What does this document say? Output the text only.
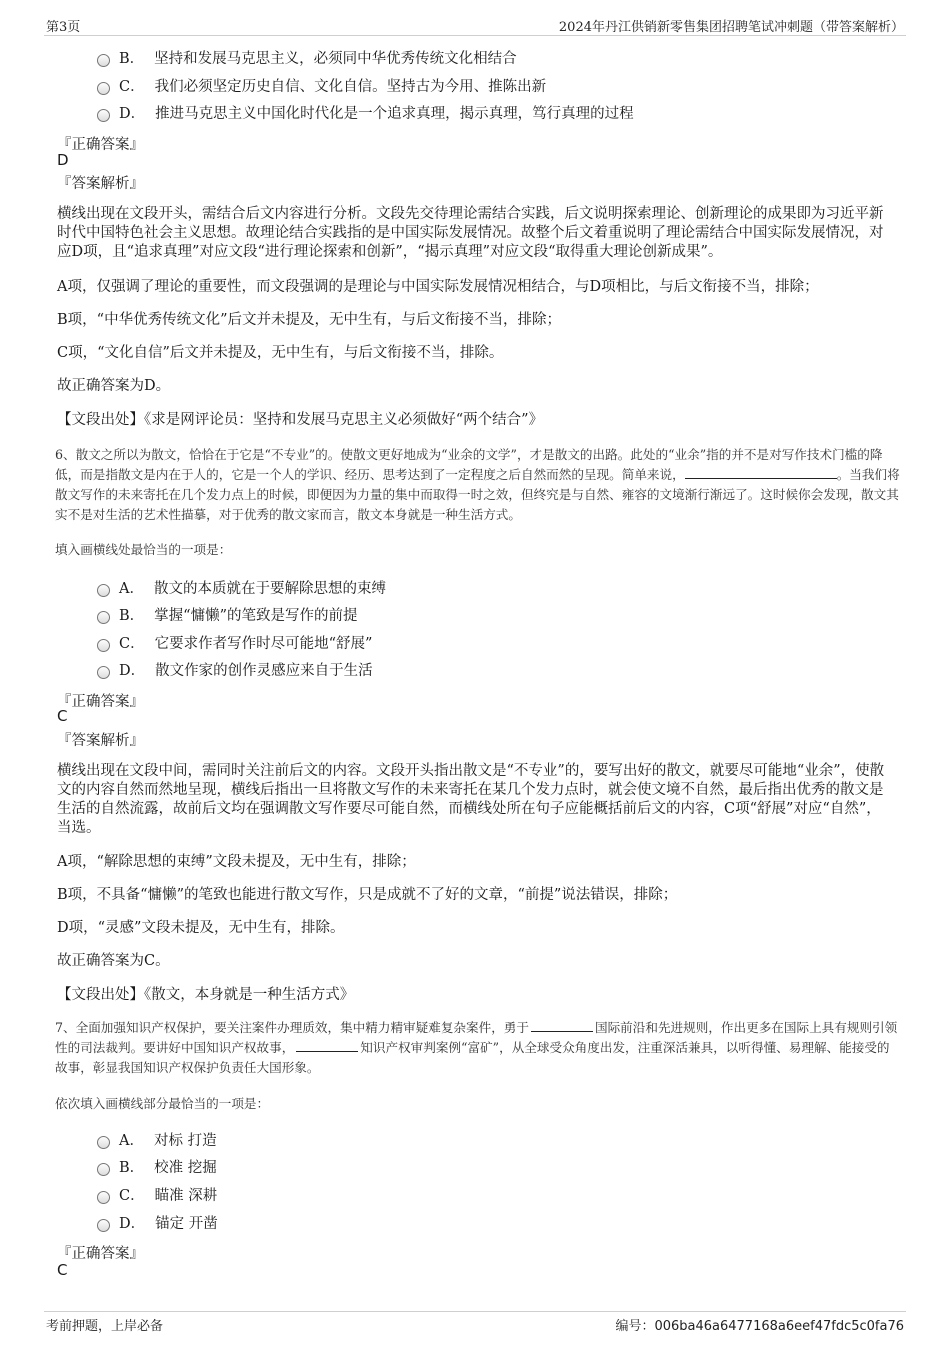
第3页	2024年丹江供销新零售集团招聘笔试冲刺题（带答案解析）
B． 坚持和发展马克思主义，必须同中华优秀传统文化相结合
C． 我们必须坚定历史自信、文化自信。坚持古为今用、推陈出新
D． 推进马克思主义中国化时代化是一个追求真理，揭示真理，笃行真理的过程
『正确答案』
D
『答案解析』
横线出现在文段开头，需结合后文内容进行分析。文段先交待理论需结合实践，后文说明探索理论、创新理论的成果即为习近平新时代中国特色社会主义思想。故理论结合实践指的是中国实际发展情况。故整个后文着重说明了理论需结合中国实际发展情况，对应D项，且“追求真理”对应文段“进行理论探索和创新”，“揭示真理”对应文段“取得重大理论创新成果”。
A项，仅强调了理论的重要性，而文段强调的是理论与中国实际发展情况相结合，与D项相比，与后文衔接不当，排除；
B项，“中华优秀传统文化”后文并未提及，无中生有，与后文衔接不当，排除；
C项，“文化自信”后文并未提及，无中生有，与后文衔接不当，排除。
故正确答案为D。
【文段出处】《求是网评论员：坚持和发展马克思主义必须做好“两个结合”》
6、散文之所以为散文，恰恰在于它是“不专业”的。使散文更好地成为“业余的文学”，才是散文的出路。此处的“业余”指的并不是对写作技术门槛的降低，而是指散文是内在于人的，它是一个人的学识、经历、思考达到了一定程度之后自然而然的呈现。简单来说，	。当我们将散文写作的未来寄托在几个发力点上的时候，即便因为力量的集中而取得一时之效，但终究是与自然、雍容的文境渐行渐远了。这时候你会发现，散文其实不是对生活的艺术性描摹，对于优秀的散文家而言，散文本身就是一种生活方式。
填入画横线处最恰当的一项是：
A． 散文的本质就在于要解除思想的束缚
B． 掌握“慵懒”的笔致是写作的前提
C． 它要求作者写作时尽可能地“舒展”
D． 散文作家的创作灵感应来自于生活
『正确答案』
C
『答案解析』
横线出现在文段中间，需同时关注前后文的内容。文段开头指出散文是“不专业”的，要写出好的散文，就要尽可能地“业余”，使散文的内容自然而然地呈现，横线后指出一旦将散文写作的未来寄托在某几个发力点时，就会使文境不自然，最后指出优秀的散文是生活的自然流露，故前后文均在强调散文写作要尽可能自然，而横线处所在句子应能概括前后文的内容，C项“舒展”对应“自然”，当选。
A项，“解除思想的束缚”文段未提及，无中生有，排除；
B项，不具备“慵懒”的笔致也能进行散文写作，只是成就不了好的文章，“前提”说法错误，排除；
D项，“灵感”文段未提及，无中生有，排除。
故正确答案为C。
【文段出处】《散文，本身就是一种生活方式》
7、全面加强知识产权保护，要关注案件办理质效，集中精力精审疑难复杂案件，勇于	国际前沿和先进规则，作出更多在国际上具有规则引领性的司法裁判。要讲好中国知识产权故事，	知识产权审判案例“富矿”，从全球受众角度出发，注重深活兼具，以听得懂、易理解、能接受的故事，彰显我国知识产权保护负责任大国形象。
依次填入画横线部分最恰当的一项是：
A． 对标 打造
B． 校准 挖掘
C． 瞄准 深耕
D． 锚定 开凿
『正确答案』
C
考前押题，上岸必备	编号：006ba46a6477168a6eef47fdc5c0fa76
